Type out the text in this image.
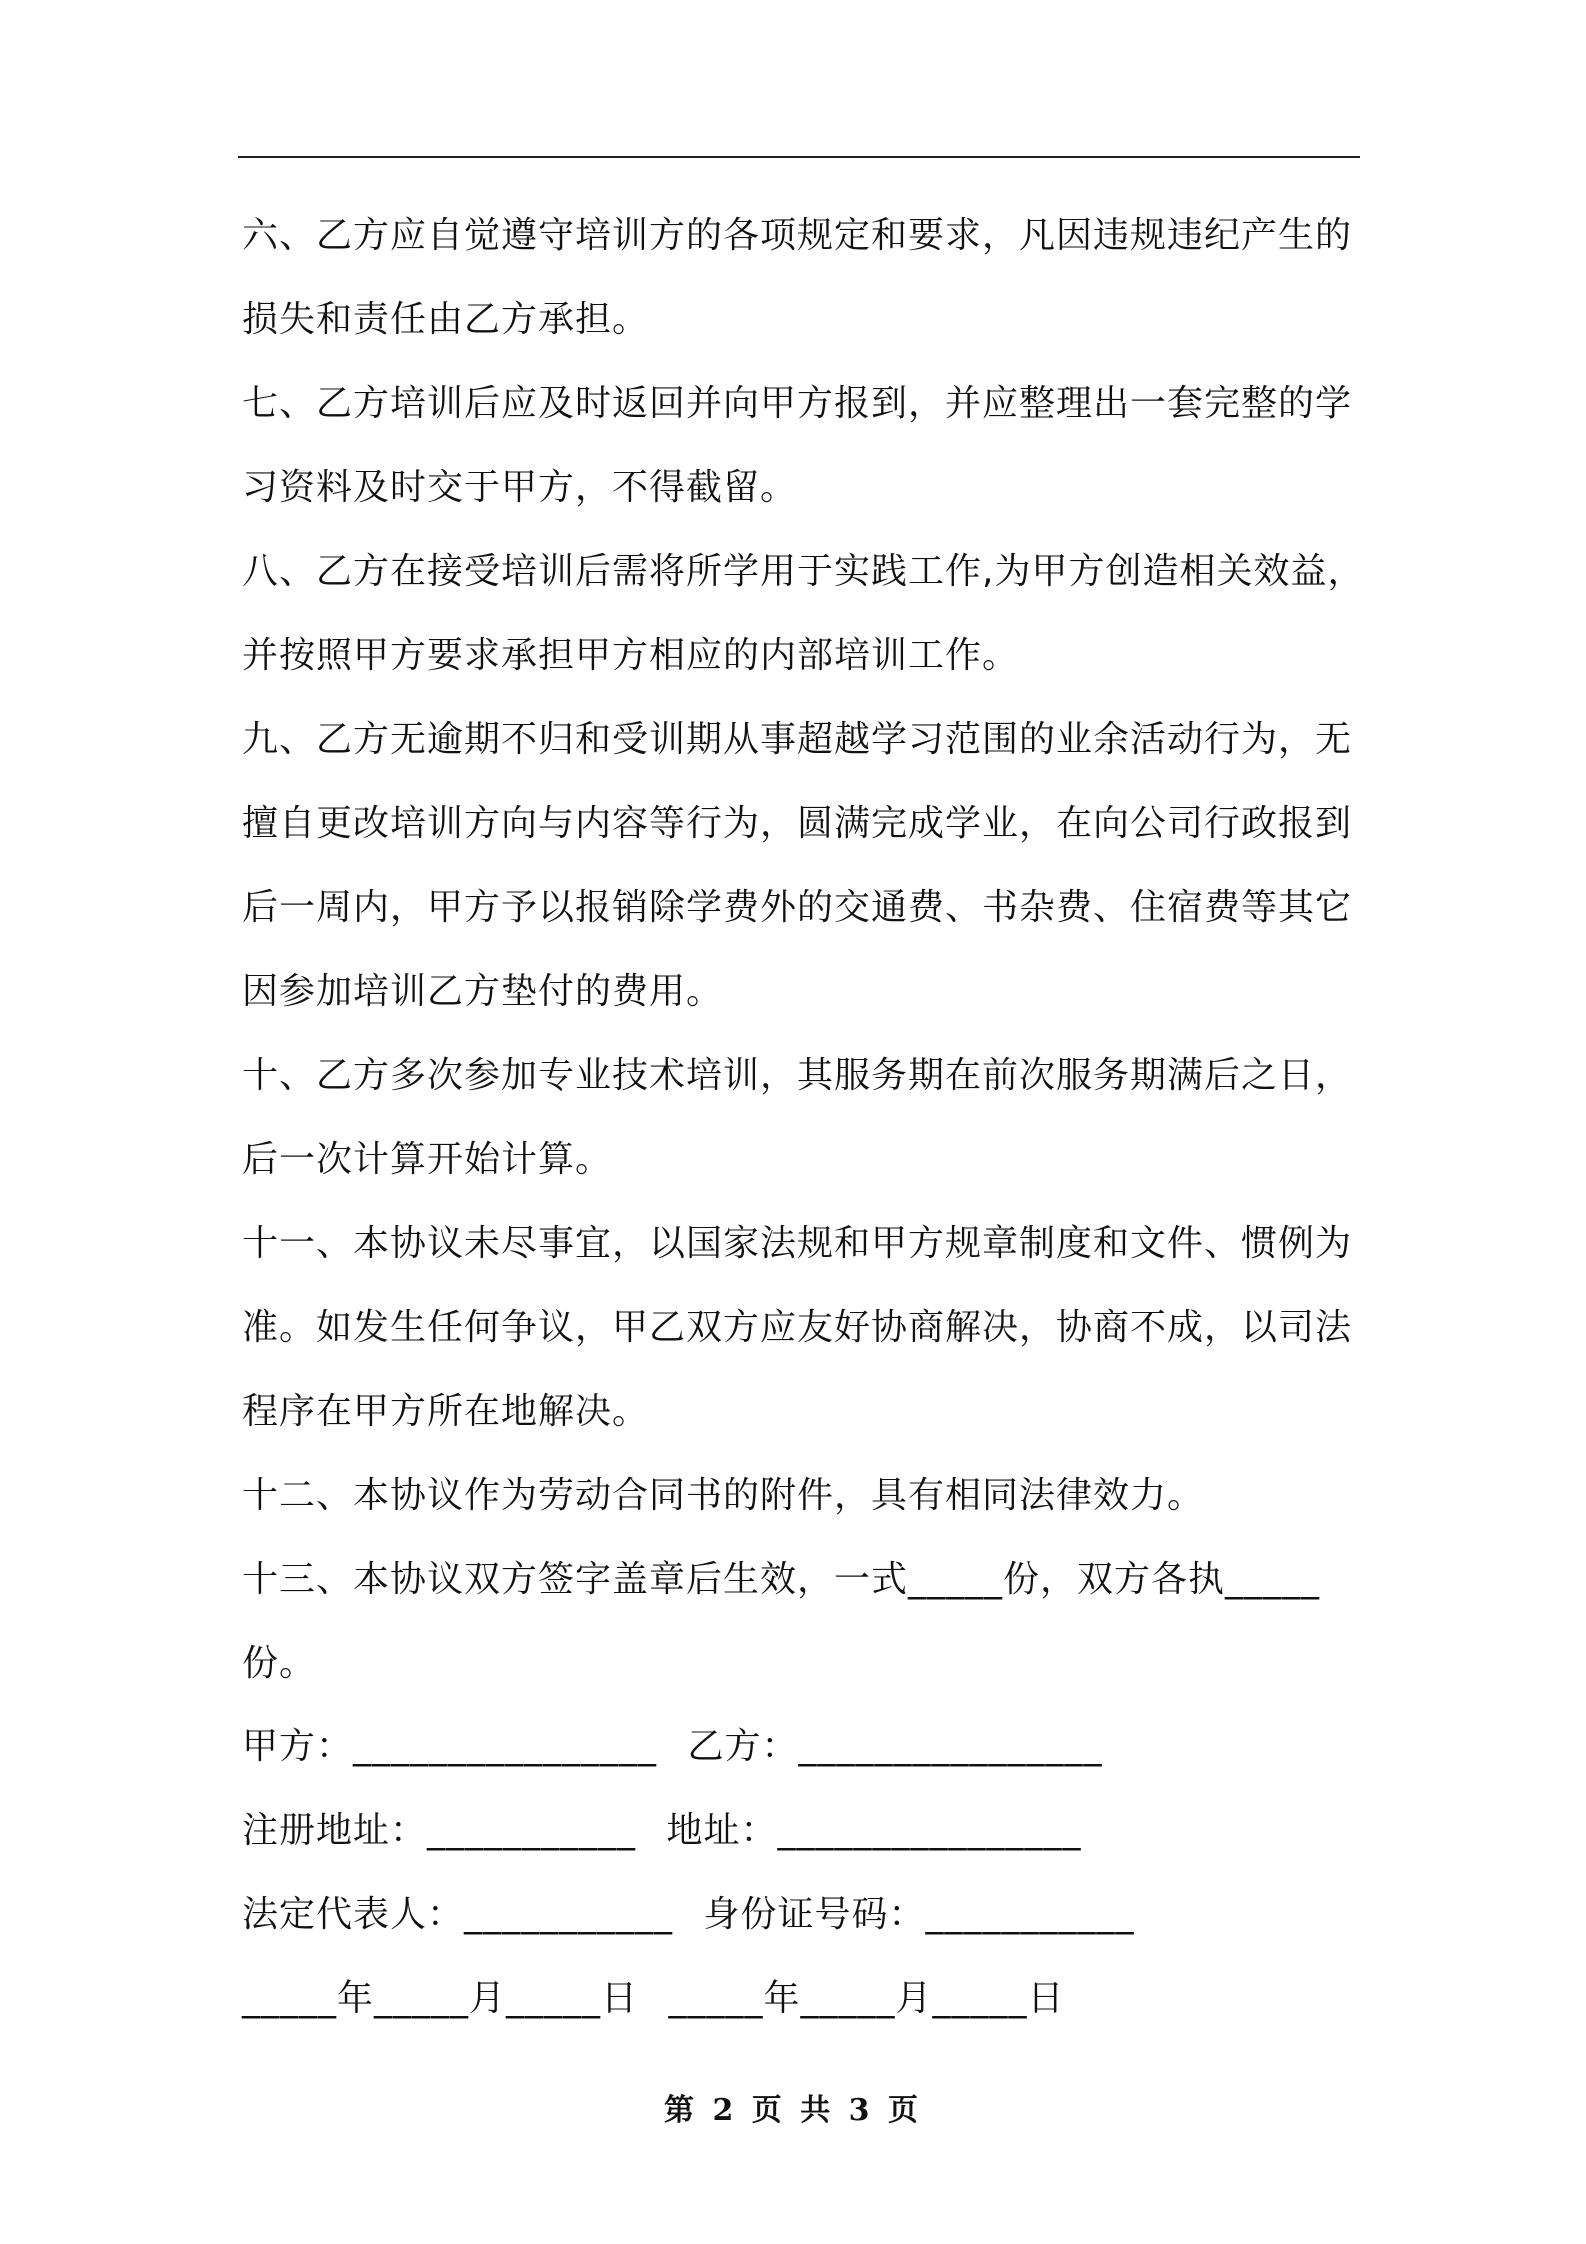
六、乙方应自觉遵守培训方的各项规定和要求，凡因违规违纪产生的
损失和责任由乙方承担。

七、乙方培训后应及时返回并向甲方报到，并应整理出一套完整的学
习资料及时交于甲方，不得截留。

八、乙方在接受培训后需将所学用于实践工作,为甲方创造相关效益，
并按照甲方要求承担甲方相应的内部培训工作。

九、乙方无逾期不归和受训期从事超越学习范围的业余活动行为，无
擅自更改培训方向与内容等行为，圆满完成学业，在向公司行政报到
后一周内，甲方予以报销除学费外的交通费、书杂费、住宿费等其它
因参加培训乙方垫付的费用。

十、乙方多次参加专业技术培训，其服务期在前次服务期满后之日，
后一次计算开始计算。

十一、本协议未尽事宜，以国家法规和甲方规章制度和文件、惯例为
准。如发生任何争议，甲乙双方应友好协商解决，协商不成，以司法
程序在甲方所在地解决。

十二、本协议作为劳动合同书的附件，具有相同法律效力。

十三、本协议双方签字盖章后生效，一式_____份，双方各执_____
份。

甲方：________________ 乙方：________________
注册地址：___________ 地址：________________
法定代表人：___________ 身份证号码：___________
_____年_____月_____日 _____年_____月_____日
第 2 页 共 3 页
